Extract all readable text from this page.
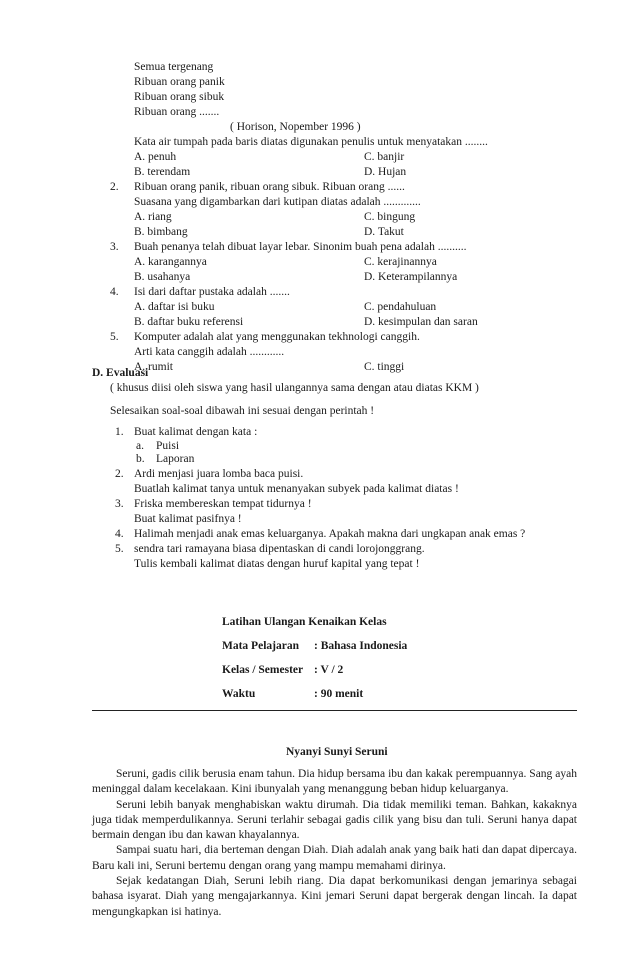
Semua tergenang
Ribuan orang panik
Ribuan orang sibuk
Ribuan orang .......
( Horison, Nopember 1996 )
Kata air tumpah pada baris diatas digunakan penulis untuk menyatakan ........
A. penuh	C. banjir
B. terendam	D. Hujan
2. Ribuan orang panik, ribuan orang sibuk. Ribuan orang ......
Suasana yang digambarkan dari kutipan diatas adalah .............
A. riang	C. bingung
B. bimbang	D. Takut
3. Buah penanya telah dibuat layar lebar. Sinonim buah pena adalah ..........
A. karangannya	C. kerajinannya
B. usahanya	D. Keterampilannya
4. Isi dari daftar pustaka adalah .......
A. daftar isi buku	C. pendahuluan
B. daftar buku referensi	D. kesimpulan dan saran
5. Komputer adalah alat yang menggunakan tekhnologi canggih.
Arti kata canggih adalah ............
A. rumit	C. tinggi
D. Evaluasi
( khusus diisi oleh siswa yang hasil ulangannya sama dengan atau diatas KKM )
Selesaikan soal-soal dibawah ini sesuai dengan perintah !
1. Buat kalimat dengan kata :
a. Puisi
b. Laporan
2. Ardi menjasi juara lomba baca puisi.
Buatlah kalimat tanya untuk menanyakan subyek pada kalimat diatas !
3. Friska membereskan tempat tidurnya !
Buat kalimat pasifnya !
4. Halimah menjadi anak emas keluarganya. Apakah makna dari ungkapan anak emas ?
5. sendra tari ramayana biasa dipentaskan di candi lorojonggrang.
Tulis kembali kalimat diatas dengan huruf kapital yang tepat !
Latihan Ulangan Kenaikan Kelas
Mata Pelajaran : Bahasa Indonesia
Kelas / Semester : V / 2
Waktu	: 90 menit
Nyanyi Sunyi Seruni

Seruni, gadis cilik berusia enam tahun. Dia hidup bersama ibu dan kakak perempuannya. Sang ayah meninggal dalam kecelakaan. Kini ibunyalah yang menanggung beban hidup keluarganya.

Seruni lebih banyak menghabiskan waktu dirumah. Dia tidak memiliki teman. Bahkan, kakaknya juga tidak memperdulikannya. Seruni terlahir sebagai gadis cilik yang bisu dan tuli. Seruni hanya dapat bermain dengan ibu dan kawan khayalannya.

Sampai suatu hari, dia berteman dengan Diah. Diah adalah anak yang baik hati dan dapat dipercaya. Baru kali ini, Seruni bertemu dengan orang yang mampu memahami dirinya.

Sejak kedatangan Diah, Seruni lebih riang. Dia dapat berkomunikasi dengan jemarinya sebagai bahasa isyarat. Diah yang mengajarkannya. Kini jemari Seruni dapat bergerak dengan lincah. Ia dapat mengungkapkan isi hatinya.
